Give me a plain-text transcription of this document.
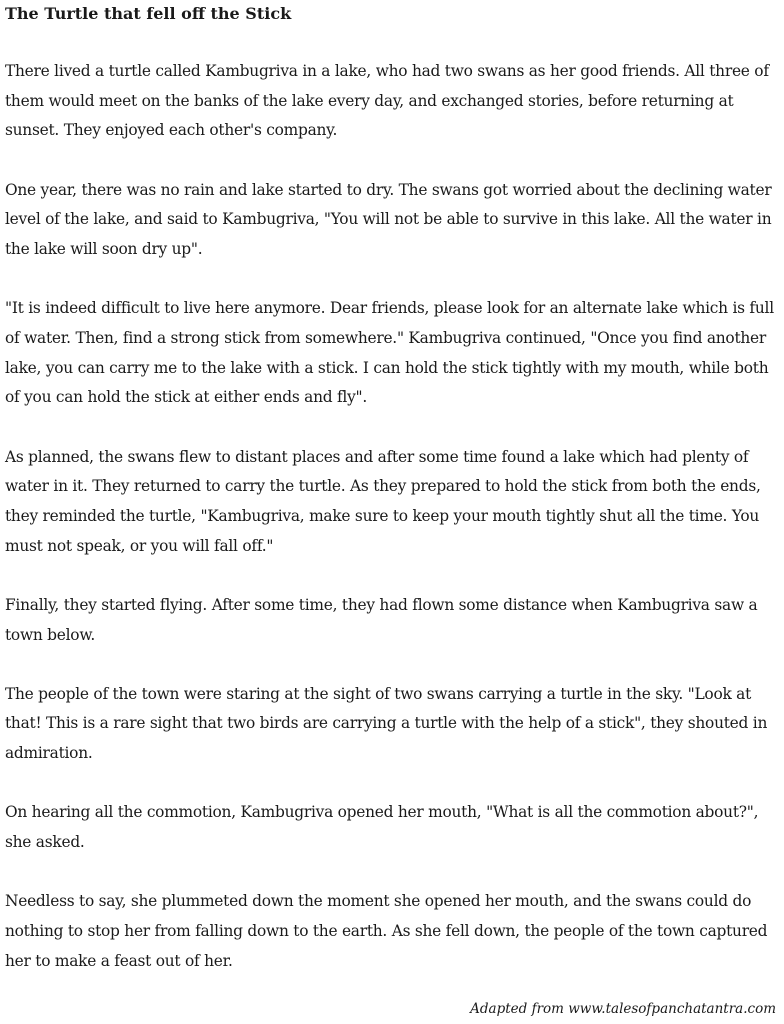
The Turtle that fell off the Stick

There lived a turtle called Kambugriva in a lake, who had two swans as her good friends. All three of them would meet on the banks of the lake every day, and exchanged stories, before returning at sunset. They enjoyed each other's company.

One year, there was no rain and lake started to dry. The swans got worried about the declining water level of the lake, and said to Kambugriva, "You will not be able to survive in this lake. All the water in the lake will soon dry up".

"It is indeed difficult to live here anymore. Dear friends, please look for an alternate lake which is full of water. Then, find a strong stick from somewhere." Kambugriva continued, "Once you find another lake, you can carry me to the lake with a stick. I can hold the stick tightly with my mouth, while both of you can hold the stick at either ends and fly".

As planned, the swans flew to distant places and after some time found a lake which had plenty of water in it. They returned to carry the turtle. As they prepared to hold the stick from both the ends, they reminded the turtle, "Kambugriva, make sure to keep your mouth tightly shut all the time. You must not speak, or you will fall off."

Finally, they started flying. After some time, they had flown some distance when Kambugriva saw a town below.

The people of the town were staring at the sight of two swans carrying a turtle in the sky. "Look at that! This is a rare sight that two birds are carrying a turtle with the help of a stick", they shouted in admiration.

On hearing all the commotion, Kambugriva opened her mouth, "What is all the commotion about?", she asked.

Needless to say, she plummeted down the moment she opened her mouth, and the swans could do nothing to stop her from falling down to the earth. As she fell down, the people of the town captured her to make a feast out of her.

Adapted from www.talesofpanchatantra.com
